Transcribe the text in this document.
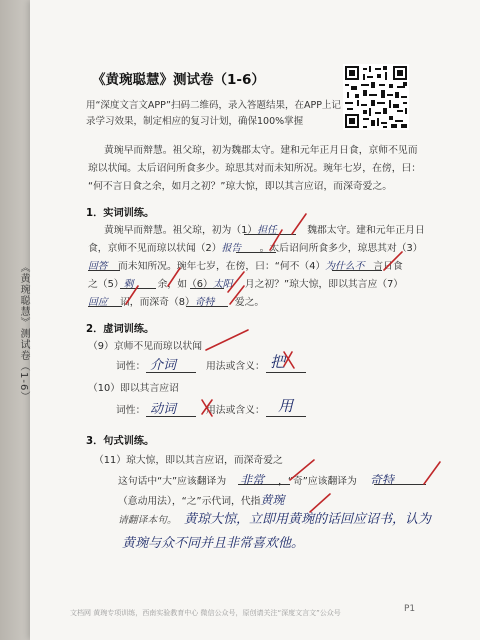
《黄琬聪慧》测试卷（1-6）
用“深度文言文APP”扫码二维码，录入答题结果，在APP上记
录学习效果，制定相应的复习计划，确保100%掌握
黄琬早而辩慧。祖父琼，初为魏郡太守。建和元年正月日食，京师不见而
琼以状闻。太后诏问所食多少。琼思其对而未知所况。琬年七岁，在傍，曰：
“何不言日食之余，如月之初？”琼大惊，即以其言应诏，而深奇爱之。
1．实词训练。
黄琬早而辩慧。祖父琼，初为（1）担任	魏郡太守。建和元年正月日
食，京师不见而琼以状闻（2）报告 。太后诏问所食多少，琼思其对（3）
回答 而未知所况。琬年七岁，在傍，曰：“何不（4）为什么不 言日食
之（5）剩 余，如（6）太阳 月之初？”琼大惊，即以其言应（7）
回应 诏，而深奇（8）奇特 爱之。
2．虚词训练。
（9）京师不见而琼以状闻
词性： 介词	用法或含义： 把
（10）即以其言应诏
词性： 动词	用法或含义： 用
3．句式训练。
（11）琼大惊，即以其言应诏，而深奇爱之
这句话中“大”应该翻译为 非常 ，“奇”应该翻译为 奇特
（意动用法），“之”示代词，代指黄琬
请翻译本句。 黄琼大惊，立即用黄琬的话回应诏书，认为
黄琬与众不同并且非常喜欢他。
文档网 黄琬专项训练，西南实验教育中心 微信公众号，原创请关注“深度文言文”公众号	P1
《黄琬聪慧》测试卷（1-6）
